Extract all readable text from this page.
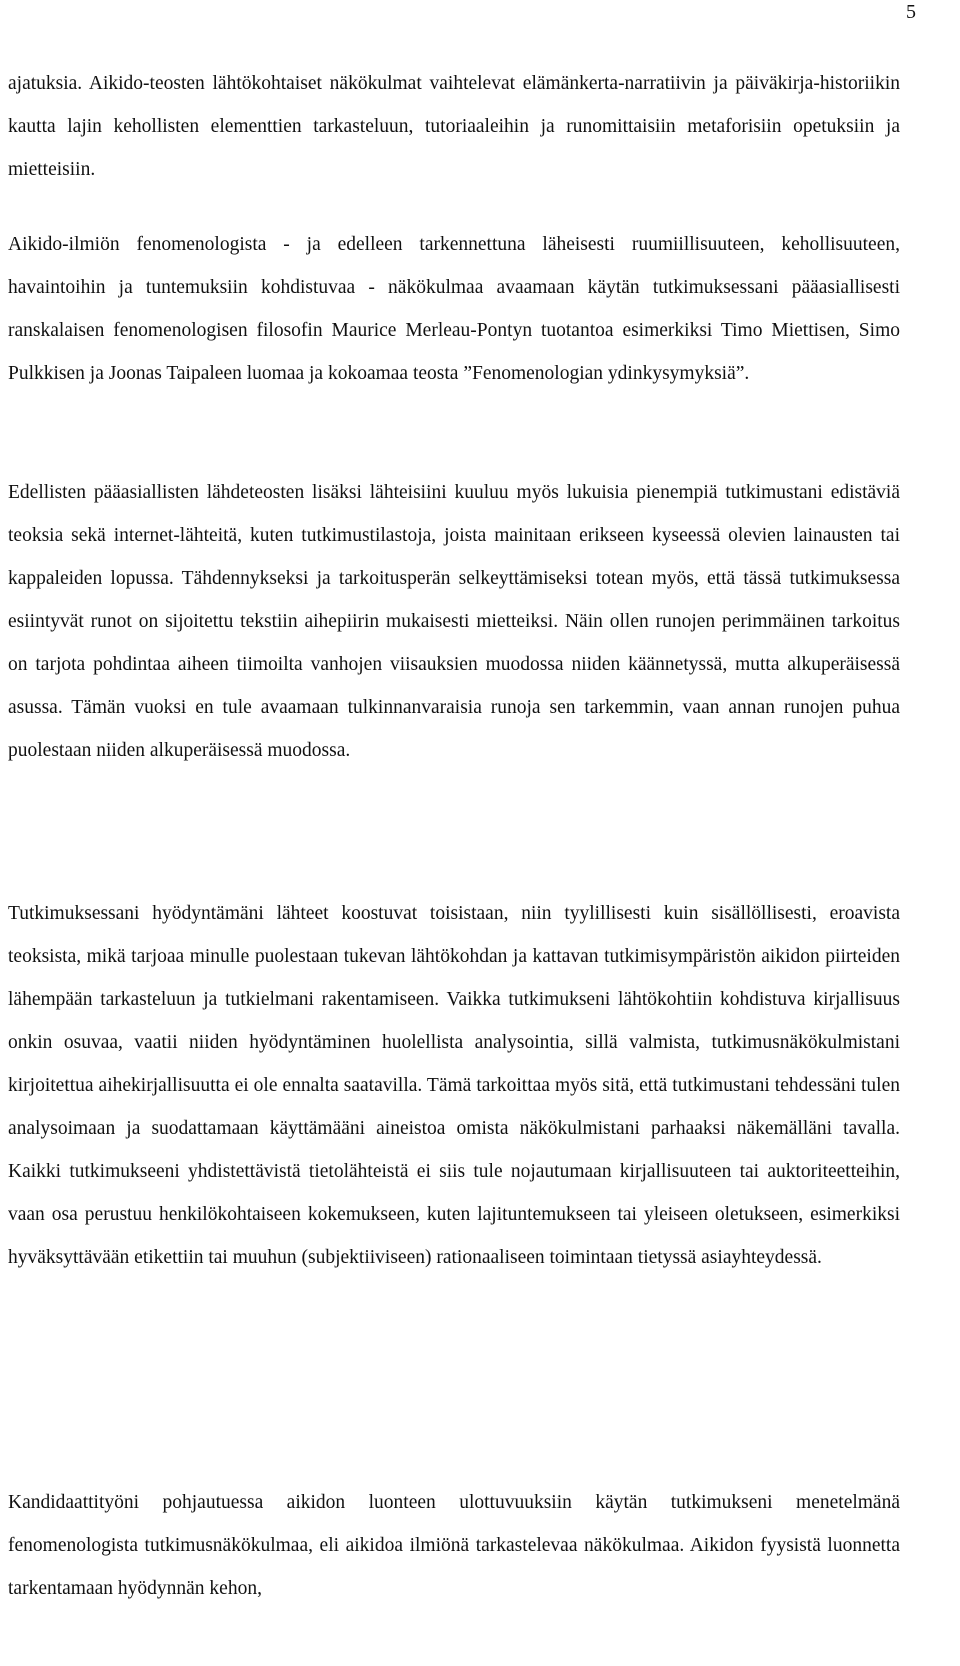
5

ajatuksia. Aikido-teosten lähtökohtaiset näkökulmat vaihtelevat elämänkerta-narratiivin ja päiväkirja-historiikin kautta lajin kehollisten elementtien tarkasteluun, tutoriaaleihin ja runomittaisiin metaforisiin opetuksiin ja mietteisiin.

Aikido-ilmiön fenomenologista - ja edelleen tarkennettuna läheisesti ruumiillisuuteen, kehollisuuteen, havaintoihin ja tuntemuksiin kohdistuvaa - näkökulmaa avaamaan käytän tutkimuksessani pääasiallisesti ranskalaisen fenomenologisen filosofin Maurice Merleau-Pontyn tuotantoa esimerkiksi Timo Miettisen, Simo Pulkkisen ja Joonas Taipaleen luomaa ja kokoamaa teosta ”Fenomenologian ydinkysymyksiä”.

Edellisten pääasiallisten lähdeteosten lisäksi lähteisiini kuuluu myös lukuisia pienempiä tutkimustani edistäviä teoksia sekä internet-lähteitä, kuten tutkimustilastoja, joista mainitaan erikseen kyseessä olevien lainausten tai kappaleiden lopussa. Tähdennykseksi ja tarkoitusperän selkeyttämiseksi totean myös, että tässä tutkimuksessa esiintyvät runot on sijoitettu tekstiin aihepiirin mukaisesti mietteiksi. Näin ollen runojen perimmäinen tarkoitus on tarjota pohdintaa aiheen tiimoilta vanhojen viisauksien muodossa niiden käännetyssä, mutta alkuperäisessä asussa. Tämän vuoksi en tule avaamaan tulkinnanvaraisia runoja sen tarkemmin, vaan annan runojen puhua puolestaan niiden alkuperäisessä muodossa.

Tutkimuksessani hyödyntämäni lähteet koostuvat toisistaan, niin tyylillisesti kuin sisällöllisesti, eroavista teoksista, mikä tarjoaa minulle puolestaan tukevan lähtökohdan ja kattavan tutkimisympäristön aikidon piirteiden lähempään tarkasteluun ja tutkielmani rakentamiseen. Vaikka tutkimukseni lähtökohtiin kohdistuva kirjallisuus onkin osuvaa, vaatii niiden hyödyntäminen huolellista analysointia, sillä valmista, tutkimusnäkökulmistani kirjoitettua aihekirjallisuutta ei ole ennalta saatavilla. Tämä tarkoittaa myös sitä, että tutkimustani tehdessäni tulen analysoimaan ja suodattamaan käyttämääni aineistoa omista näkökulmistani parhaaksi näkemälläni tavalla. Kaikki tutkimukseeni yhdistettävistä tietolähteistä ei siis tule nojautumaan kirjallisuuteen tai auktoriteetteihin, vaan osa perustuu henkilökohtaiseen kokemukseen, kuten lajituntemukseen tai yleiseen oletukseen, esimerkiksi hyväksyttävään etikettiin tai muuhun (subjektiiviseen) rationaaliseen toimintaan tietyssä asiayhteydessä.

Kandidaattityöni pohjautuessa aikidon luonteen ulottuvuuksiin käytän tutkimukseni menetelmänä fenomenologista tutkimusnäkökulmaa, eli aikidoa ilmiönä tarkastelevaa näkökulmaa. Aikidon fyysistä luonnetta tarkentamaan hyödynnän kehon,
